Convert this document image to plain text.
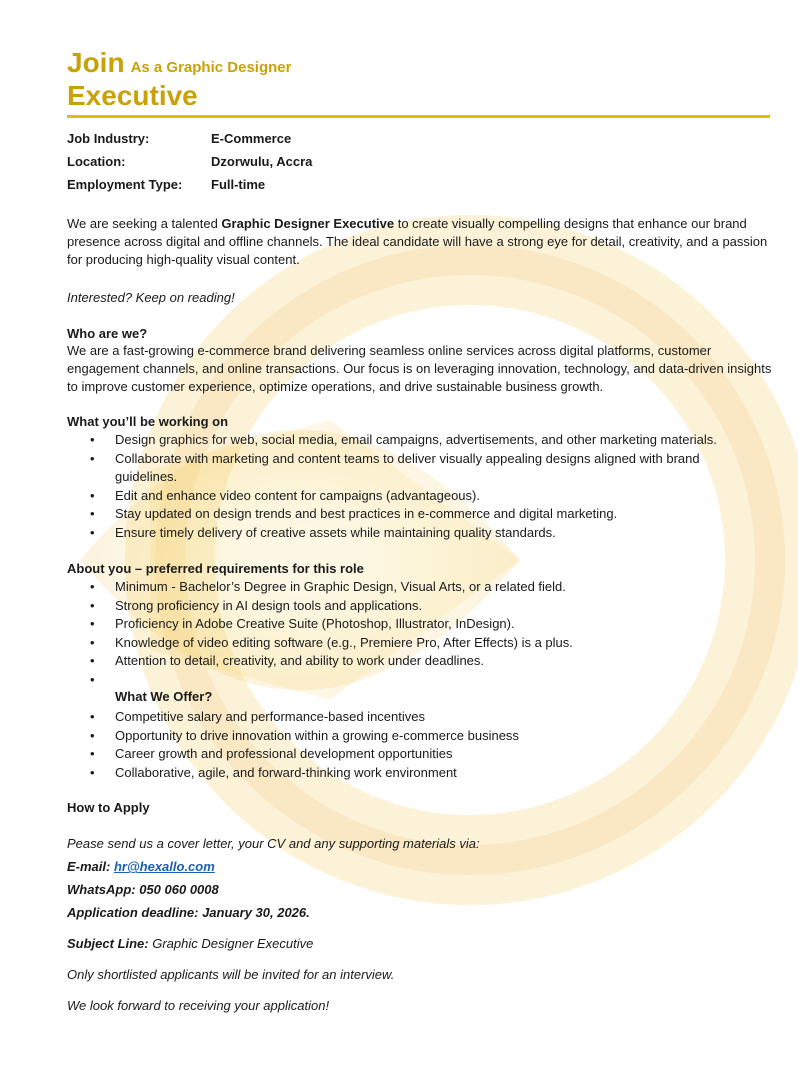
Join As a Graphic Designer
Executive
Job Industry:	E-Commerce
Location:	Dzorwulu, Accra
Employment Type:	Full-time
We are seeking a talented Graphic Designer Executive to create visually compelling designs that enhance our brand presence across digital and offline channels. The ideal candidate will have a strong eye for detail, creativity, and a passion for producing high-quality visual content.
Interested? Keep on reading!
Who are we?
We are a fast-growing e-commerce brand delivering seamless online services across digital platforms, customer engagement channels, and online transactions. Our focus is on leveraging innovation, technology, and data-driven insights to improve customer experience, optimize operations, and drive sustainable business growth.
What you’ll be working on
• Design graphics for web, social media, email campaigns, advertisements, and other marketing materials.
• Collaborate with marketing and content teams to deliver visually appealing designs aligned with brand guidelines.
• Edit and enhance video content for campaigns (advantageous).
• Stay updated on design trends and best practices in e-commerce and digital marketing.
• Ensure timely delivery of creative assets while maintaining quality standards.
About you – preferred requirements for this role
• Minimum - Bachelor’s Degree in Graphic Design, Visual Arts, or a related field.
• Strong proficiency in AI design tools and applications.
• Proficiency in Adobe Creative Suite (Photoshop, Illustrator, InDesign).
• Knowledge of video editing software (e.g., Premiere Pro, After Effects) is a plus.
• Attention to detail, creativity, and ability to work under deadlines.
•

What We Offer?
• Competitive salary and performance-based incentives
• Opportunity to drive innovation within a growing e-commerce business
• Career growth and professional development opportunities
• Collaborative, agile, and forward-thinking work environment
How to Apply
Pease send us a cover letter, your CV and any supporting materials via:
E-mail: hr@hexallo.com
WhatsApp: 050 060 0008
Application deadline: January 30, 2026.
Subject Line: Graphic Designer Executive
Only shortlisted applicants will be invited for an interview.
We look forward to receiving your application!
